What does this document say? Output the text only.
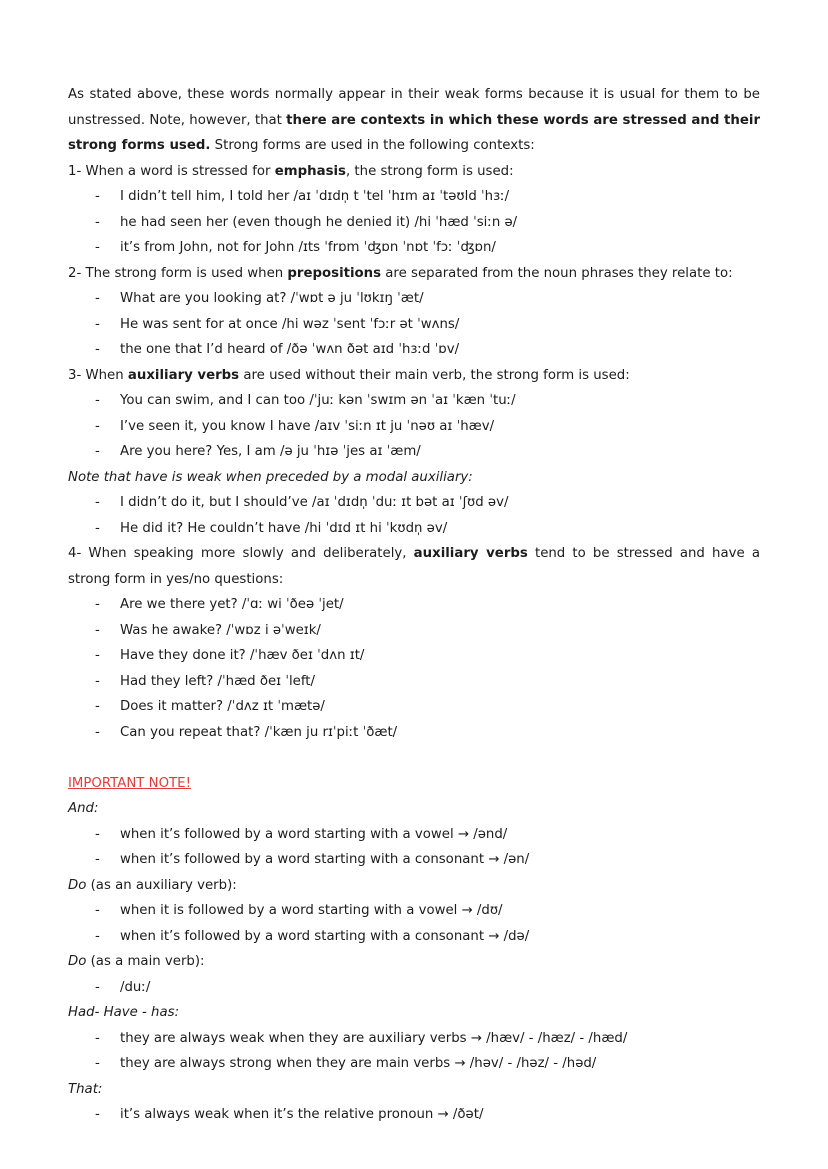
As stated above, these words normally appear in their weak forms because it is usual for them to be unstressed. Note, however, that there are contexts in which these words are stressed and their strong forms used. Strong forms are used in the following contexts:
1- When a word is stressed for emphasis, the strong form is used:
- I didn’t tell him, I told her /aɪ ˈdɪdn̩ t ˈtel ˈhɪm aɪ ˈtəʊld ˈhɜː/
- he had seen her (even though he denied it) /hi ˈhæd ˈsiːn ə/
- it’s from John, not for John /ɪts ˈfrɒm ˈʤɒn ˈnɒt ˈfɔː ˈʤɒn/
2- The strong form is used when prepositions are separated from the noun phrases they relate to:
- What are you looking at? /ˈwɒt ə ju ˈlʊkɪŋ ˈæt/
- He was sent for at once /hi wəz ˈsent ˈfɔːr ət ˈwʌns/
- the one that I’d heard of /ðə ˈwʌn ðət aɪd ˈhɜːd ˈɒv/
3- When auxiliary verbs are used without their main verb, the strong form is used:
- You can swim, and I can too /ˈjuː kən ˈswɪm ən ˈaɪ ˈkæn ˈtuː/
- I’ve seen it, you know I have /aɪv ˈsiːn ɪt ju ˈnəʊ aɪ ˈhæv/
- Are you here? Yes, I am /ə ju ˈhɪə ˈjes aɪ ˈæm/
Note that have is weak when preceded by a modal auxiliary:
- I didn’t do it, but I should’ve /aɪ ˈdɪdn̩ ˈduː ɪt bət aɪ ˈʃʊd əv/
- He did it? He couldn’t have /hi ˈdɪd ɪt hi ˈkʊdn̩ əv/
4- When speaking more slowly and deliberately, auxiliary verbs tend to be stressed and have a strong form in yes/no questions:
- Are we there yet? /ˈɑː wi ˈðeə ˈjet/
- Was he awake? /ˈwɒz i əˈweɪk/
- Have they done it? /ˈhæv ðeɪ ˈdʌn ɪt/
- Had they left? /ˈhæd ðeɪ ˈleft/
- Does it matter? /ˈdʌz ɪt ˈmætə/
- Can you repeat that? /ˈkæn ju rɪˈpiːt ˈðæt/
IMPORTANT NOTE!
And:
- when it’s followed by a word starting with a vowel → /ənd/
- when it’s followed by a word starting with a consonant → /ən/
Do (as an auxiliary verb):
- when it is followed by a word starting with a vowel → /dʊ/
- when it’s followed by a word starting with a consonant → /də/
Do (as a main verb):
- /duː/
Had- Have - has:
- they are always weak when they are auxiliary verbs → /hæv/ - /hæz/ - /hæd/
- they are always strong when they are main verbs → /həv/ - /həz/ - /həd/
That:
- it’s always weak when it’s the relative pronoun → /ðət/
